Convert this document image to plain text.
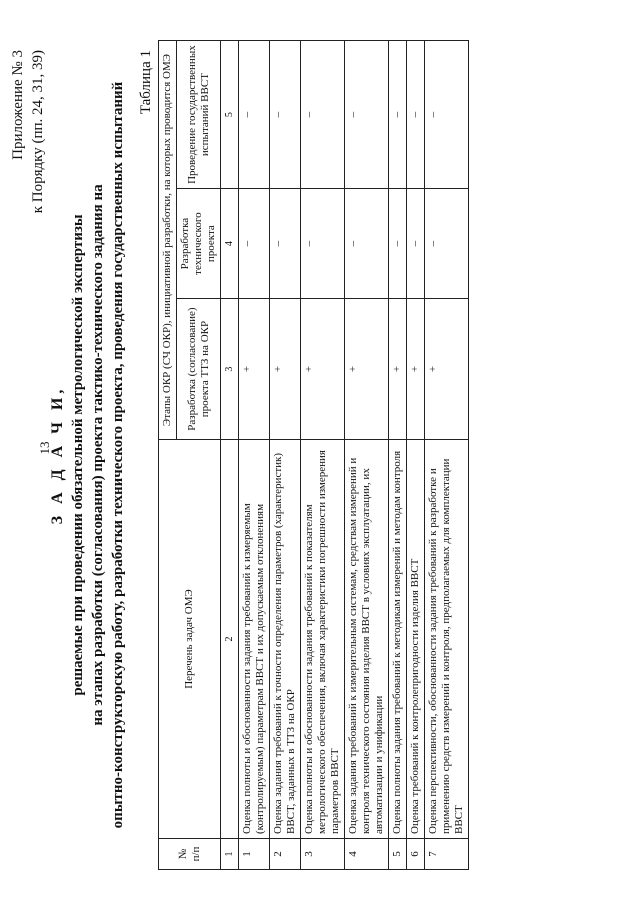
13
Приложение № 3 к Порядку (пп. 24, 31, 39)
З А Д А Ч И, решаемые при проведении обязательной метрологической экспертизы на этапах разработки (согласования) проекта тактико-технического задания на опытно-конструкторскую работу, разработки технического проекта, проведения государственных испытаний Таблица 1
№ п/п	Перечень задач ОМЭ	Этапы ОКР (СЧ ОКР), инициативной разработки, на которых проводится ОМЭ		
		Разработка (согласование) проекта ТТЗ на ОКР	Разработка технического проекта	Проведение государственных испытаний ВВСТ
1	2	3	4	5
1	Оценка полноты и обоснованности задания требований к измеряемым (контролируемым) параметрам ВВСТ и их допускаемым отклонениям	+	–	–
2	Оценка задания требований к точности определения параметров (характеристик) ВВСТ, заданных в ТТЗ на ОКР	+	–	–
3	Оценка полноты и обоснованности задания требований к показателям метрологического обеспечения, включая характеристики погрешности измерения параметров ВВСТ	+	–	–
4	Оценка задания требований к измерительным системам, средствам измерений и контроля технического состояния изделия ВВСТ в условиях эксплуатации, их автоматизации и унификации	+	–	–
5	Оценка полноты задания требований к методикам измерений и методам контроля	+	–	–
6	Оценка требований к контролепригодности изделия ВВСТ	+	–	–
7	Оценка перспективности, обоснованности задания требований к разработке и применению средств измерений и контроля, предполагаемых для комплектации ВВСТ	+	–	–
